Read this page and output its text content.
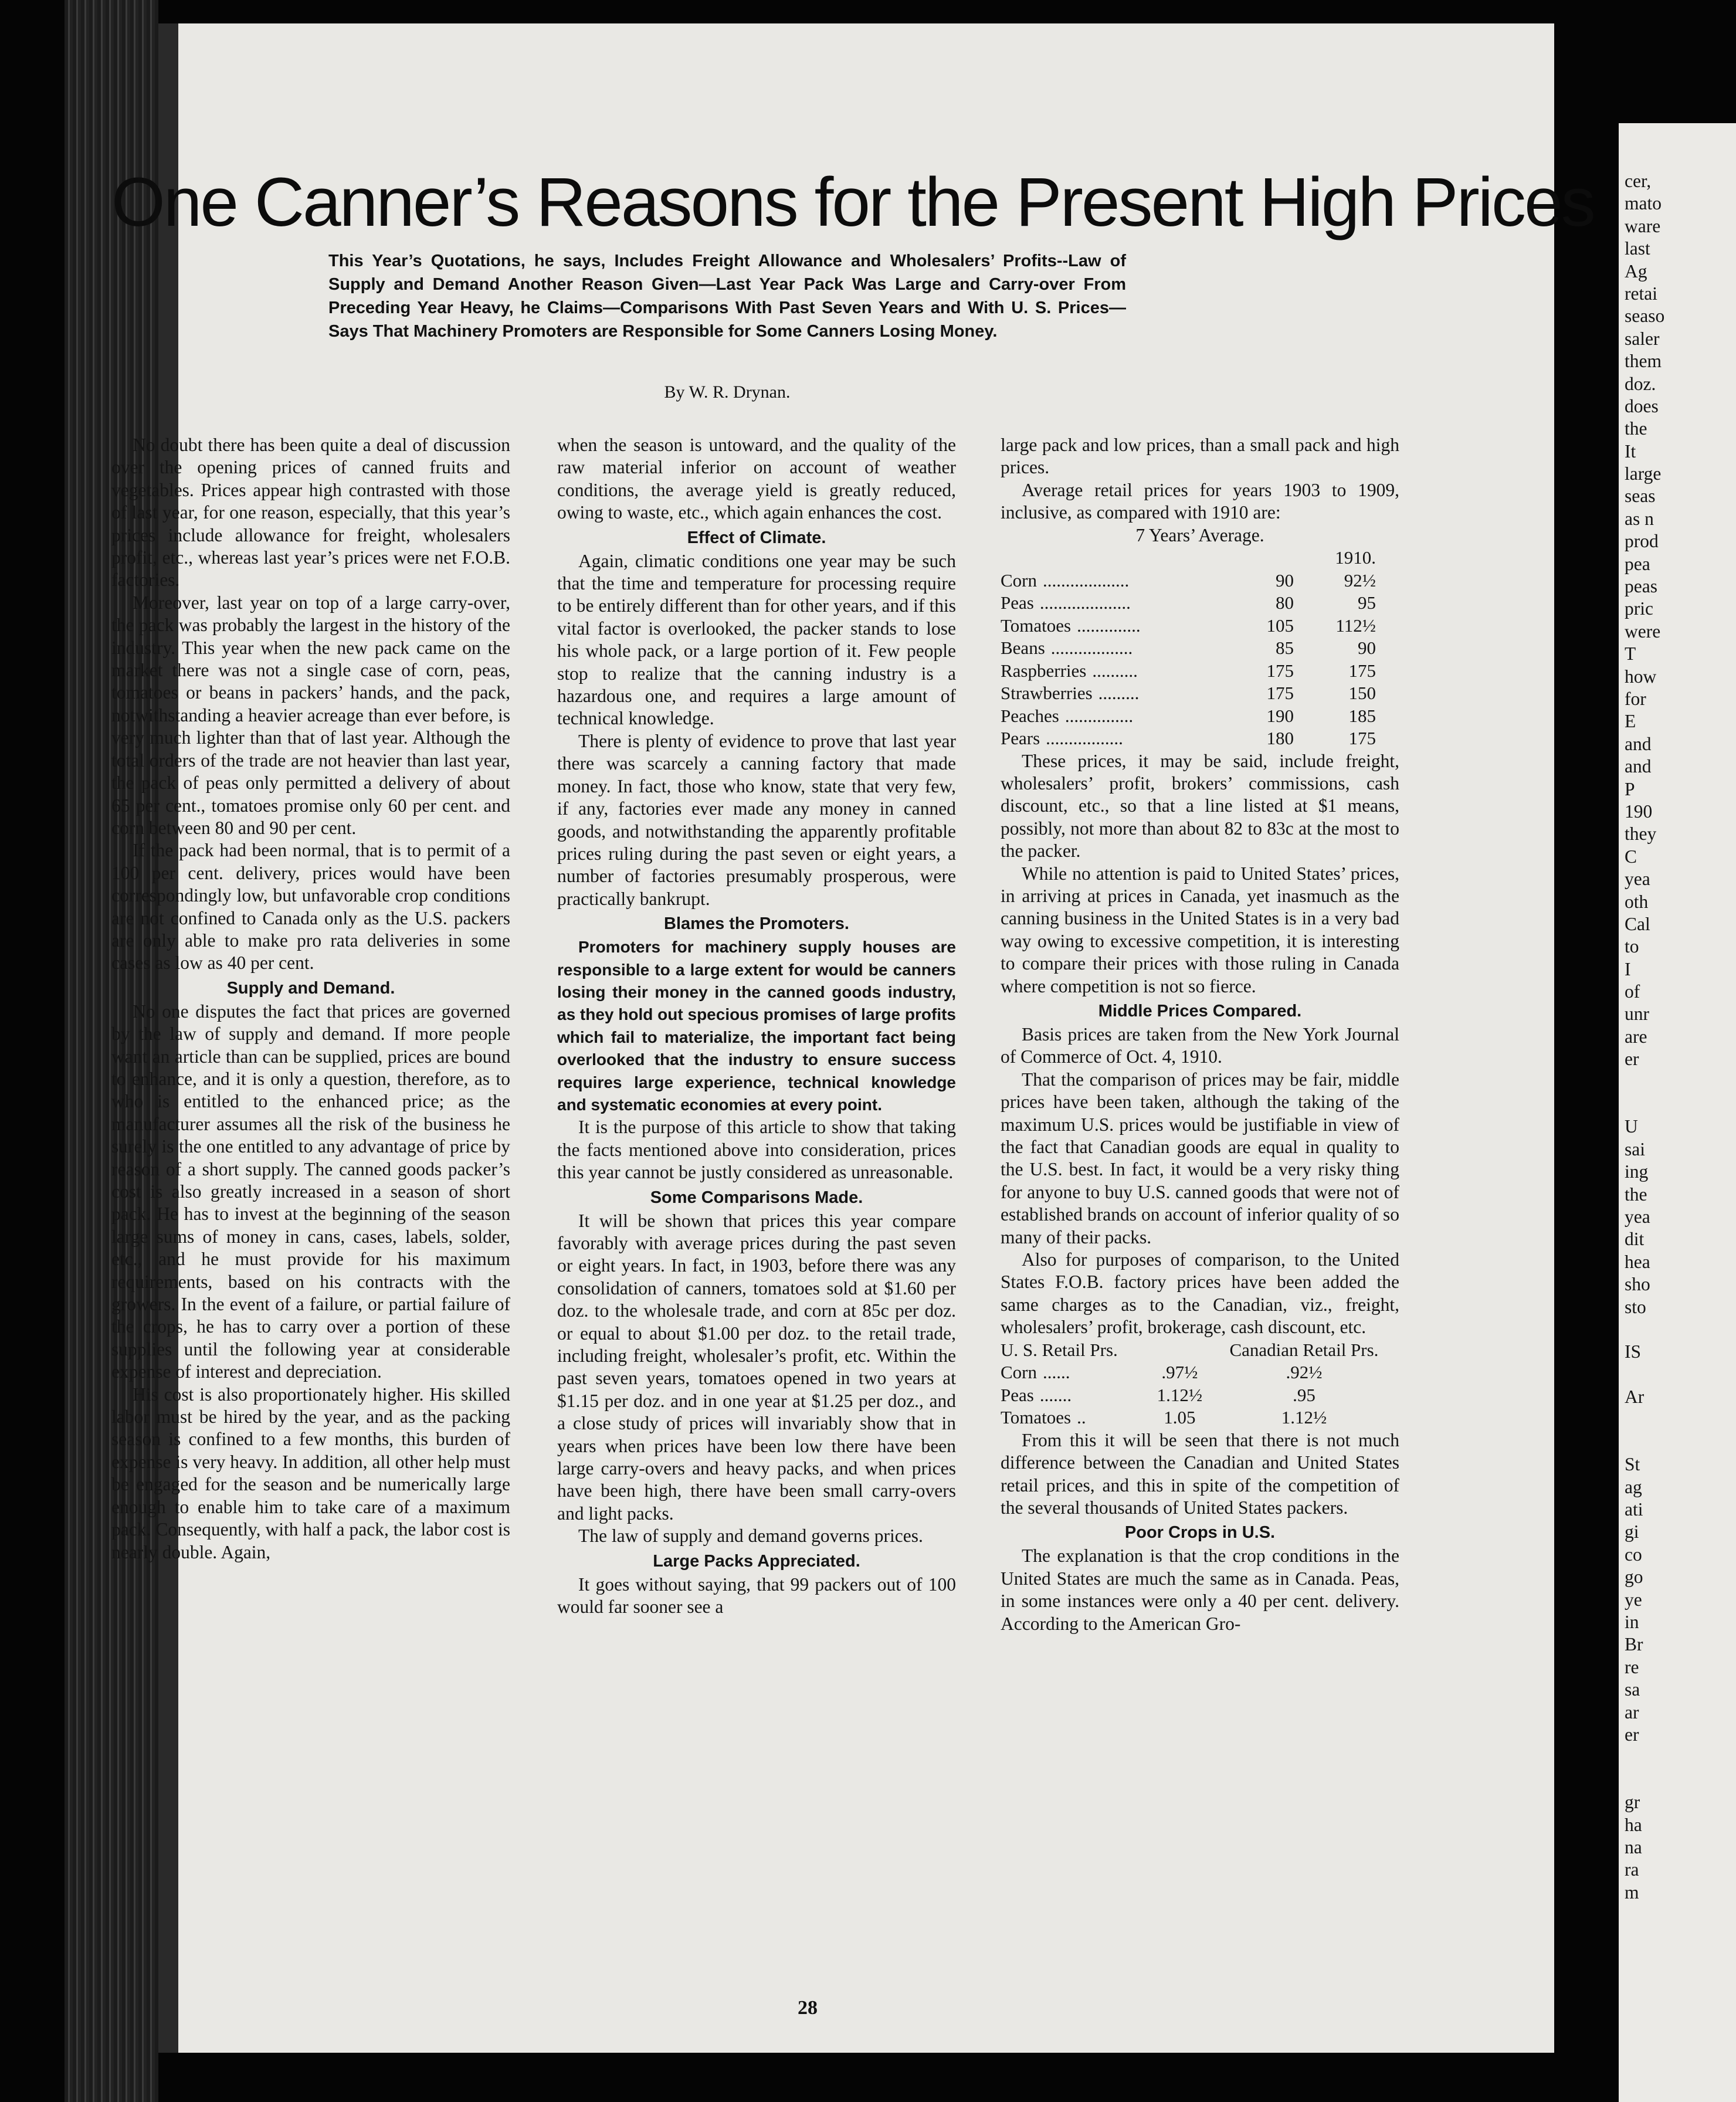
One Canner’s Reasons for the Present High Prices
This Year’s Quotations, he says, Includes Freight Allowance and Wholesalers’ Profits--Law of Supply and Demand Another Reason Given—Last Year Pack Was Large and Carry-over From Preceding Year Heavy, he Claims—Comparisons With Past Seven Years and With U. S. Prices—Says That Machinery Promoters are Responsible for Some Canners Losing Money.
By W. R. Drynan.

No doubt there has been quite a deal of discussion over the opening prices of canned fruits and vegetables. Prices appear high contrasted with those of last year, for one reason, especially, that this year’s prices include allowance for freight, wholesalers profit, etc., whereas last year’s prices were net F.O.B. factories.

Moreover, last year on top of a large carry-over, the pack was probably the largest in the history of the industry. This year when the new pack came on the market there was not a single case of corn, peas, tomatoes or beans in packers’ hands, and the pack, notwithstanding a heavier acreage than ever before, is very much lighter than that of last year. Although the total orders of the trade are not heavier than last year, the pack of peas only permitted a delivery of about 65 per cent., tomatoes promise only 60 per cent. and corn between 80 and 90 per cent.

If the pack had been normal, that is to permit of a 100 per cent. delivery, prices would have been correspondingly low, but unfavorable crop conditions are not confined to Canada only as the U.S. packers are only able to make pro rata deliveries in some cases as low as 40 per cent.

Supply and Demand.

No one disputes the fact that prices are governed by the law of supply and demand. If more people want an article than can be supplied, prices are bound to enhance, and it is only a question, therefore, as to who is entitled to the enhanced price; as the manufacturer assumes all the risk of the business he surely is the one entitled to any advantage of price by reason of a short supply. The canned goods packer’s cost is also greatly increased in a season of short pack. He has to invest at the beginning of the season large sums of money in cans, cases, labels, solder, etc., and he must provide for his maximum requirements, based on his contracts with the growers. In the event of a failure, or partial failure of the crops, he has to carry over a portion of these supplies until the following year at considerable expense of interest and depreciation.

His cost is also proportionately higher. His skilled labor must be hired by the year, and as the packing season is confined to a few months, this burden of expense is very heavy. In addition, all other help must be engaged for the season and be numerically large enough to enable him to take care of a maximum pack. Consequently, with half a pack, the labor cost is nearly double. Again,

when the season is untoward, and the quality of the raw material inferior on account of weather conditions, the average yield is greatly reduced, owing to waste, etc., which again enhances the cost.

Effect of Climate.

Again, climatic conditions one year may be such that the time and temperature for processing require to be entirely different than for other years, and if this vital factor is overlooked, the packer stands to lose his whole pack, or a large portion of it. Few people stop to realize that the canning industry is a hazardous one, and requires a large amount of technical knowledge.

There is plenty of evidence to prove that last year there was scarcely a canning factory that made money. In fact, those who know, state that very few, if any, factories ever made any money in canned goods, and notwithstanding the apparently profitable prices ruling during the past seven or eight years, a number of factories presumably prosperous, were practically bankrupt.

Blames the Promoters.

Promoters for machinery supply houses are responsible to a large extent for would be canners losing their money in the canned goods industry, as they hold out specious promises of large profits which fail to materialize, the important fact being overlooked that the industry to ensure success requires large experience, technical knowledge and systematic economies at every point.

It is the purpose of this article to show that taking the facts mentioned above into consideration, prices this year cannot be justly considered as unreasonable.

Some Comparisons Made.

It will be shown that prices this year compare favorably with average prices during the past seven or eight years. In fact, in 1903, before there was any consolidation of canners, tomatoes sold at $1.60 per doz. to the wholesale trade, and corn at 85c per doz. or equal to about $1.00 per doz. to the retail trade, including freight, wholesaler’s profit, etc. Within the past seven years, tomatoes opened in two years at $1.15 per doz. and in one year at $1.25 per doz., and a close study of prices will invariably show that in years when prices have been low there have been large carry-overs and heavy packs, and when prices have been high, there have been small carry-overs and light packs.

The law of supply and demand governs prices.

Large Packs Appreciated.

It goes without saying, that 99 packers out of 100 would far sooner see a

large pack and low prices, than a small pack and high prices.

Average retail prices for years 1903 to 1909, inclusive, as compared with 1910 are:

7 Years’ Average.
		1910.
Corn ...................	90	92½
Peas ....................	80	95
Tomatoes ..............	105	112½
Beans ..................	85	90
Raspberries ..........	175	175
Strawberries .........	175	150
Peaches ...............	190	185
Pears .................	180	175

These prices, it may be said, include freight, wholesalers’ profit, brokers’ commissions, cash discount, etc., so that a line listed at $1 means, possibly, not more than about 82 to 83c at the most to the packer.

While no attention is paid to United States’ prices, in arriving at prices in Canada, yet inasmuch as the canning business in the United States is in a very bad way owing to excessive competition, it is interesting to compare their prices with those ruling in Canada where competition is not so fierce.

Middle Prices Compared.

Basis prices are taken from the New York Journal of Commerce of Oct. 4, 1910.

That the comparison of prices may be fair, middle prices have been taken, although the taking of the maximum U.S. prices would be justifiable in view of the fact that Canadian goods are equal in quality to the U.S. best. In fact, it would be a very risky thing for anyone to buy U.S. canned goods that were not of established brands on account of inferior quality of so many of their packs.

Also for purposes of comparison, to the United States F.O.B. factory prices have been added the same charges as to the Canadian, viz., freight, wholesalers’ profit, brokerage, cash discount, etc.

U. S. Retail Prs.		Canadian Retail Prs.
Corn ......	.97½	.92½
Peas .......	1.12½	.95
Tomatoes ..	1.05	1.12½

From this it will be seen that there is not much difference between the Canadian and United States retail prices, and this in spite of the competition of the several thousands of United States packers.

Poor Crops in U.S.

The explanation is that the crop conditions in the United States are much the same as in Canada. Peas, in some instances were only a 40 per cent. delivery. According to the American Gro-

28
cer,
mato
ware
last
Ag
retai
seaso
saler
them
doz.
does
the
It
large
seas
as n
prod
pea
peas
pric
were
T
how
for
E
and
and
P
190
they
C
yea
oth
Cal
to
I
of
unr
are
er
U
sai
ing
the
yea
dit
hea
sho
sto
IS
Ar
St
ag
ati
gi
co
go
ye
in
Br
re
sa
ar
er
gr
ha
na
ra
m
